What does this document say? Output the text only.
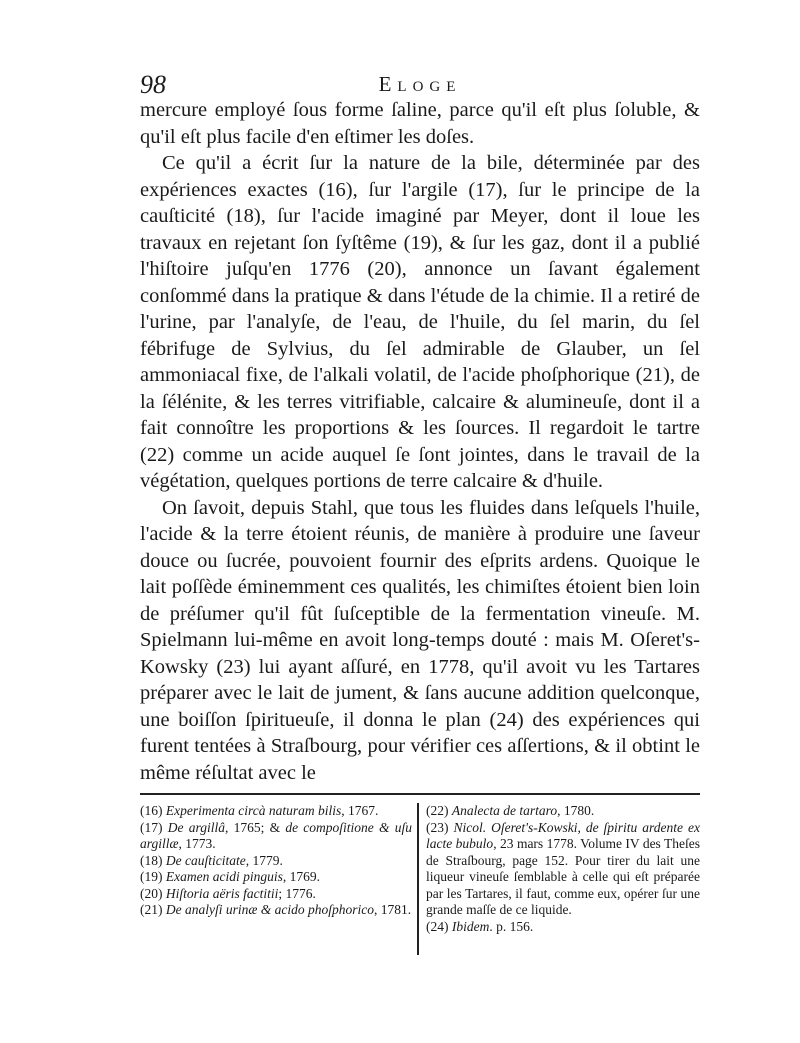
98	Eloge

mercure employé ſous forme ſaline, parce qu'il eſt plus ſoluble, & qu'il eſt plus facile d'en eſtimer les doſes.

Ce qu'il a écrit ſur la nature de la bile, déterminée par des expériences exactes (16), ſur l'argile (17), ſur le principe de la cauſticité (18), ſur l'acide imaginé par Meyer, dont il loue les travaux en rejetant ſon ſyſtême (19), & ſur les gaz, dont il a publié l'hiſtoire juſqu'en 1776 (20), annonce un ſavant également conſommé dans la pratique & dans l'étude de la chimie. Il a retiré de l'urine, par l'analyſe, de l'eau, de l'huile, du ſel marin, du ſel fébrifuge de Sylvius, du ſel admirable de Glauber, un ſel ammoniacal fixe, de l'alkali volatil, de l'acide phoſphorique (21), de la ſélénite, & les terres vitrifiable, calcaire & alumineuſe, dont il a fait connoître les proportions & les ſources. Il regardoit le tartre (22) comme un acide auquel ſe ſont jointes, dans le travail de la végétation, quelques portions de terre calcaire & d'huile.

On ſavoit, depuis Stahl, que tous les fluides dans leſquels l'huile, l'acide & la terre étoient réunis, de manière à produire une ſaveur douce ou ſucrée, pouvoient fournir des eſprits ardens. Quoique le lait poſſède éminemment ces qualités, les chimiſtes étoient bien loin de préſumer qu'il fût ſuſceptible de la fermentation vineuſe. M. Spielmann lui-même en avoit long-temps douté : mais M. Oſeret's-Kowsky (23) lui ayant aſſuré, en 1778, qu'il avoit vu les Tartares préparer avec le lait de jument, & ſans aucune addition quelconque, une boiſſon ſpiritueuſe, il donna le plan (24) des expériences qui furent tentées à Straſbourg, pour vérifier ces aſſertions, & il obtint le même réſultat avec le

(16) Experimenta circà naturam bilis, 1767.

(17) De argillâ, 1765; & de compoſitione & uſu argillæ, 1773.

(18) De cauſticitate, 1779.

(19) Examen acidi pinguis, 1769.

(20) Hiſtoria aëris factitii; 1776.

(21) De analyſi urinæ & acido phoſphorico, 1781.

(22) Analecta de tartaro, 1780.

(23) Nicol. Oſeret's-Kowski, de ſpiritu ardente ex lacte bubulo, 23 mars 1778. Volume IV des Theſes de Straſbourg, page 152. Pour tirer du lait une liqueur vineuſe ſemblable à celle qui eſt préparée par les Tartares, il faut, comme eux, opérer ſur une grande maſſe de ce liquide.

(24) Ibidem. p. 156.
